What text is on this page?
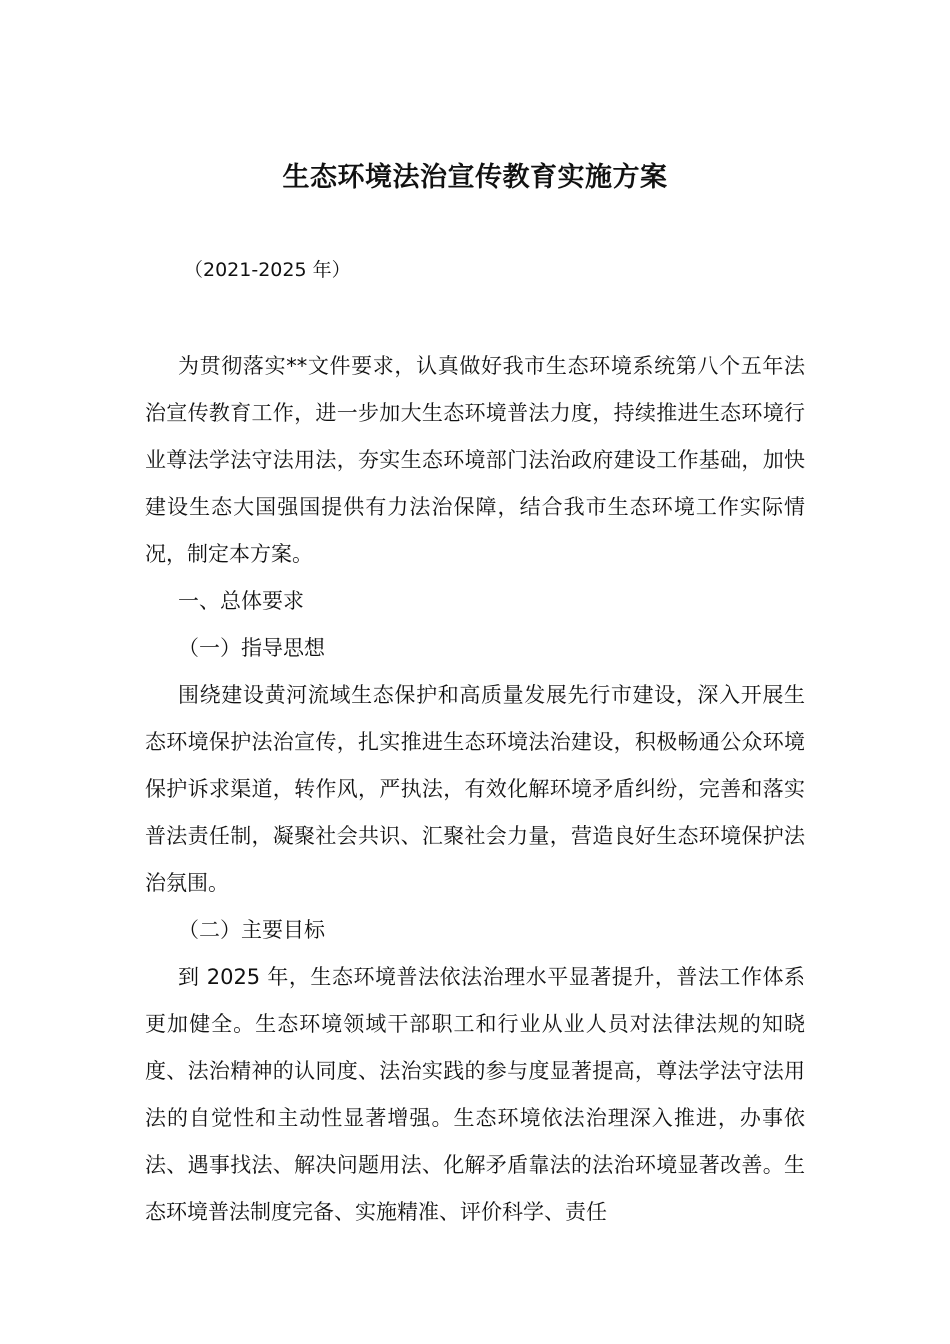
生态环境法治宣传教育实施方案
（2021-2025 年）

为贯彻落实**文件要求，认真做好我市生态环境系统第八个五年法治宣传教育工作，进一步加大生态环境普法力度，持续推进生态环境行业尊法学法守法用法，夯实生态环境部门法治政府建设工作基础，加快建设生态大国强国提供有力法治保障，结合我市生态环境工作实际情况，制定本方案。

一、总体要求

（一）指导思想

围绕建设黄河流域生态保护和高质量发展先行市建设，深入开展生态环境保护法治宣传，扎实推进生态环境法治建设，积极畅通公众环境保护诉求渠道，转作风，严执法，有效化解环境矛盾纠纷，完善和落实普法责任制，凝聚社会共识、汇聚社会力量，营造良好生态环境保护法治氛围。

（二）主要目标

到 2025 年，生态环境普法依法治理水平显著提升，普法工作体系更加健全。生态环境领域干部职工和行业从业人员对法律法规的知晓度、法治精神的认同度、法治实践的参与度显著提高，尊法学法守法用法的自觉性和主动性显著增强。生态环境依法治理深入推进，办事依法、遇事找法、解决问题用法、化解矛盾靠法的法治环境显著改善。生态环境普法制度完备、实施精准、评价科学、责任
